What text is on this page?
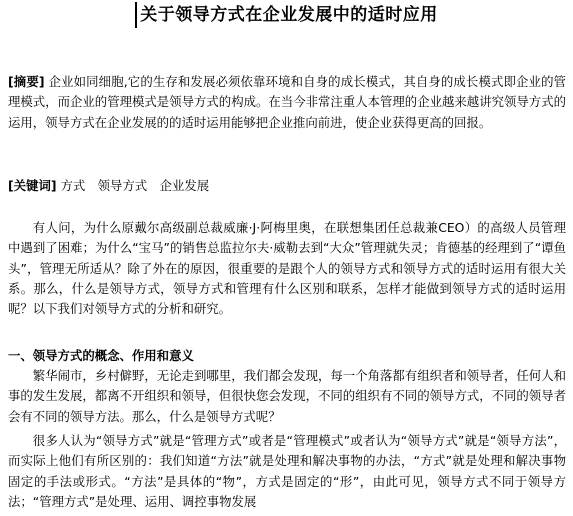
关于领导方式在企业发展中的适时应用
[摘要] 企业如同细胞,它的生存和发展必须依靠环境和自身的成长模式，其自身的成长模式即企业的管理模式，而企业的管理模式是领导方式的构成。在当今非常注重人本管理的企业越来越讲究领导方式的运用，领导方式在企业发展的的适时运用能够把企业推向前进，使企业获得更高的回报。
[关键词] 方式　领导方式　企业发展

有人问，为什么原戴尔高级副总裁威廉·J·阿梅里奥，在联想集团任总裁兼CEO）的高级人员管理中遇到了困难；为什么“宝马”的销售总监拉尔夫·威勒去到“大众”管理就失灵；肯德基的经理到了“谭鱼头”，管理无所适从？除了外在的原因，很重要的是跟个人的领导方式和领导方式的适时运用有很大关系。那么，什么是领导方式，领导方式和管理有什么区别和联系，怎样才能做到领导方式的适时运用呢？以下我们对领导方式的分析和研究。

一、领导方式的概念、作用和意义

繁华闹市，乡村僻野，无论走到哪里，我们都会发现，每一个角落都有组织者和领导者，任何人和事的发生发展，都离不开组织和领导，但很快您会发现，不同的组织有不同的领导方式，不同的领导者会有不同的领导方法。那么，什么是领导方式呢？

很多人认为“领导方式”就是“管理方式”或者是“管理模式”或者认为“领导方式”就是“领导方法”，而实际上他们有所区别的：我们知道“方法”就是处理和解决事物的办法，“方式”就是处理和解决事物固定的手法或形式。“方法”是具体的“物”，方式是固定的“形”，由此可见，领导方式不同于领导方法；“管理方式”是处理、运用、调控事物发展
